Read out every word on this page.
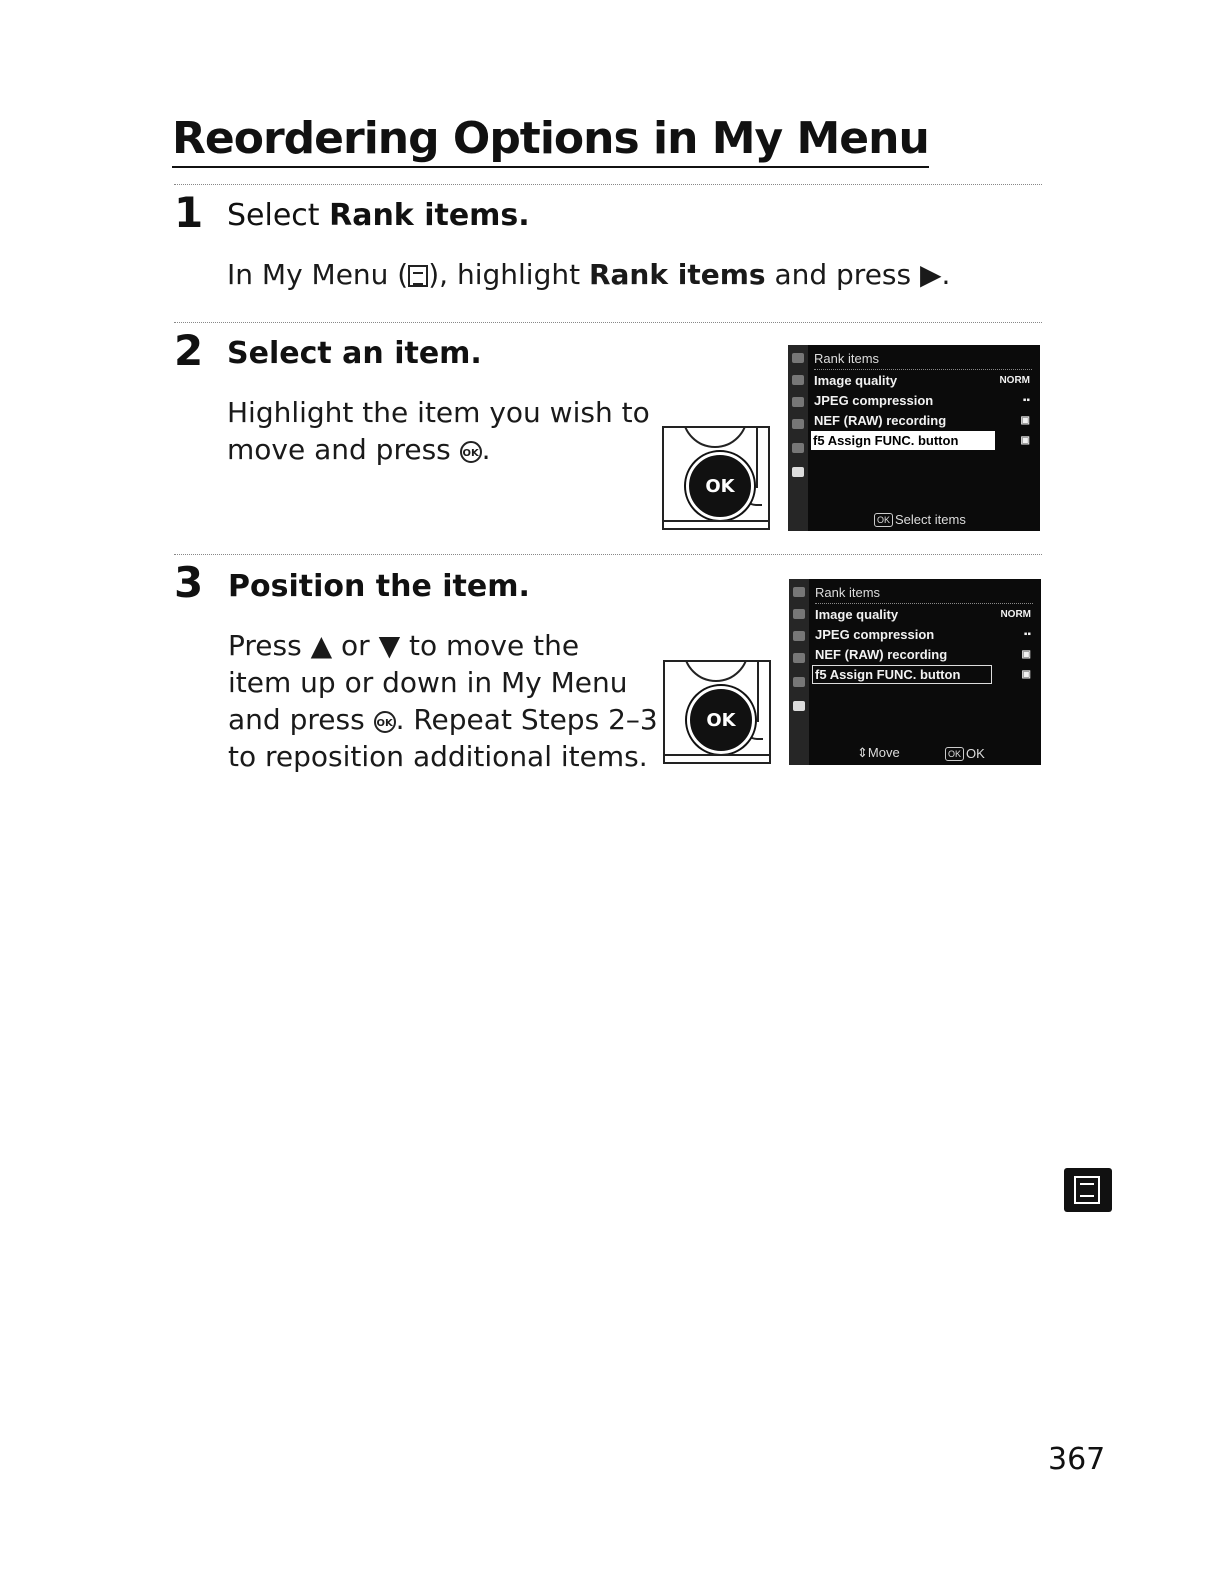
Reordering Options in My Menu
1 Select Rank items.
In My Menu ( ), highlight Rank items and press ▶.
2 Select an item.
Highlight the item you wish to
move and press OK .
OK
Rank items
Image quality	NORM
JPEG compression	▪▪
NEF (RAW) recording	▣
f5 Assign FUNC. button	▣
OK Select items
3 Position the item.
Press ▲ or ▼ to move the
item up or down in My Menu
and press OK . Repeat Steps 2–3
to reposition additional items.
OK
Rank items
Image quality	NORM
JPEG compression	▪▪
NEF (RAW) recording	▣
f5 Assign FUNC. button	▣
⇕Move	OK OK
367
